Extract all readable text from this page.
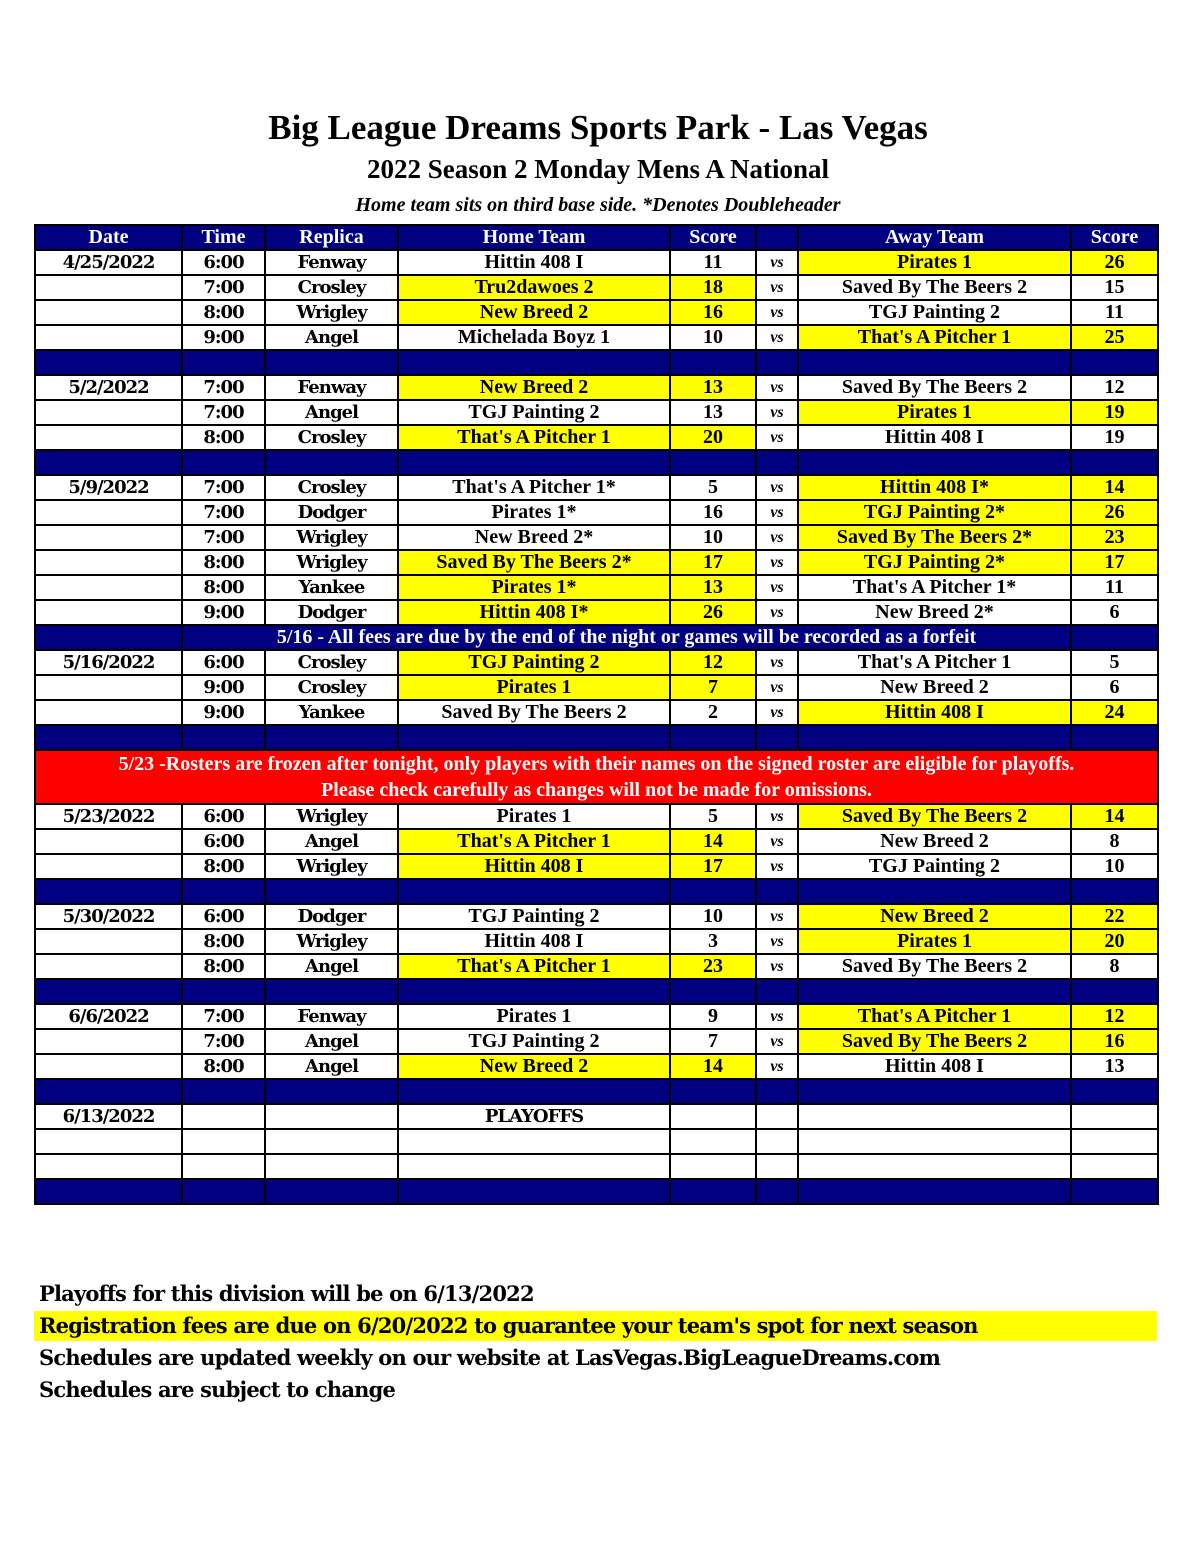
Big League Dreams Sports Park - Las Vegas
2022 Season 2 Monday Mens A National
Home team sits on third base side. *Denotes Doubleheader
Date	Time	Replica	Home Team	Score		Away Team	Score
4/25/2022	6:00	Fenway	Hittin 408 I	11	vs	Pirates 1	26
	7:00	Crosley	Tru2dawoes 2	18	vs	Saved By The Beers 2	15
	8:00	Wrigley	New Breed 2	16	vs	TGJ Painting 2	11
	9:00	Angel	Michelada Boyz 1	10	vs	That's A Pitcher 1	25

5/2/2022	7:00	Fenway	New Breed 2	13	vs	Saved By The Beers 2	12
	7:00	Angel	TGJ Painting 2	13	vs	Pirates 1	19
	8:00	Crosley	That's A Pitcher 1	20	vs	Hittin 408 I	19

5/9/2022	7:00	Crosley	That's A Pitcher 1*	5	vs	Hittin 408 I*	14
	7:00	Dodger	Pirates 1*	16	vs	TGJ Painting 2*	26
	7:00	Wrigley	New Breed 2*	10	vs	Saved By The Beers 2*	23
	8:00	Wrigley	Saved By The Beers 2*	17	vs	TGJ Painting 2*	17
	8:00	Yankee	Pirates 1*	13	vs	That's A Pitcher 1*	11
	9:00	Dodger	Hittin 408 I*	26	vs	New Breed 2*	6
	5/16 - All fees are due by the end of the night or games will be recorded as a forfeit						
5/16/2022	6:00	Crosley	TGJ Painting 2	12	vs	That's A Pitcher 1	5
	9:00	Crosley	Pirates 1	7	vs	New Breed 2	6
	9:00	Yankee	Saved By The Beers 2	2	vs	Hittin 408 I	24

5/23 -Rosters are frozen after tonight, only players with their names on the signed roster are eligible for playoffs.
Please check carefully as changes will not be made for omissions.							

5/23/2022	6:00	Wrigley	Pirates 1	5	vs	Saved By The Beers 2	14
	6:00	Angel	That's A Pitcher 1	14	vs	New Breed 2	8
	8:00	Wrigley	Hittin 408 I	17	vs	TGJ Painting 2	10

5/30/2022	6:00	Dodger	TGJ Painting 2	10	vs	New Breed 2	22
	8:00	Wrigley	Hittin 408 I	3	vs	Pirates 1	20
	8:00	Angel	That's A Pitcher 1	23	vs	Saved By The Beers 2	8

6/6/2022	7:00	Fenway	Pirates 1	9	vs	That's A Pitcher 1	12
	7:00	Angel	TGJ Painting 2	7	vs	Saved By The Beers 2	16
	8:00	Angel	New Breed 2	14	vs	Hittin 408 I	13

6/13/2022			PLAYOFFS				

Playoffs for this division will be on 6/13/2022
Registration fees are due on 6/20/2022 to guarantee your team's spot for next season
Schedules are updated weekly on our website at LasVegas.BigLeagueDreams.com
Schedules are subject to change
